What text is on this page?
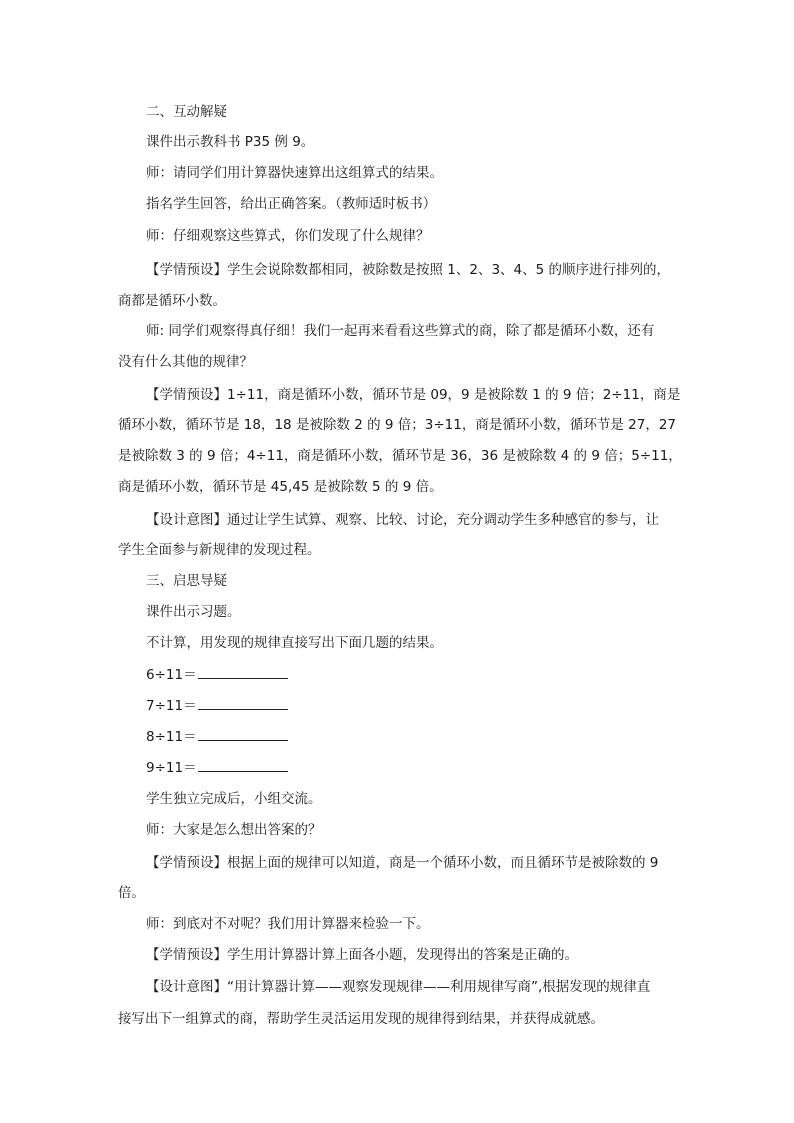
二、互动解疑
课件出示教科书 P35 例 9。
师：请同学们用计算器快速算出这组算式的结果。
指名学生回答，给出正确答案。（教师适时板书）
师：仔细观察这些算式，你们发现了什么规律？
【学情预设】学生会说除数都相同，被除数是按照 1、2、3、4、5 的顺序进行排列的，
商都是循环小数。
师: 同学们观察得真仔细！我们一起再来看看这些算式的商，除了都是循环小数，还有
没有什么其他的规律？
【学情预设】1÷11，商是循环小数，循环节是 09，9 是被除数 1 的 9 倍；2÷11，商是
循环小数，循环节是 18，18 是被除数 2 的 9 倍；3÷11，商是循环小数，循环节是 27，27
是被除数 3 的 9 倍；4÷11，商是循环小数，循环节是 36，36 是被除数 4 的 9 倍；5÷11，
商是循环小数，循环节是 45,45 是被除数 5 的 9 倍。
【设计意图】通过让学生试算、观察、比较、讨论，充分调动学生多种感官的参与，让
学生全面参与新规律的发现过程。
三、启思导疑
课件出示习题。
不计算，用发现的规律直接写出下面几题的结果。
6÷11＝
7÷11＝
8÷11＝
9÷11＝
学生独立完成后，小组交流。
师：大家是怎么想出答案的？
【学情预设】根据上面的规律可以知道，商是一个循环小数，而且循环节是被除数的 9
倍。
师：到底对不对呢？我们用计算器来检验一下。
【学情预设】学生用计算器计算上面各小题，发现得出的答案是正确的。
【设计意图】“用计算器计算——观察发现规律——利用规律写商”,根据发现的规律直
接写出下一组算式的商，帮助学生灵活运用发现的规律得到结果，并获得成就感。
